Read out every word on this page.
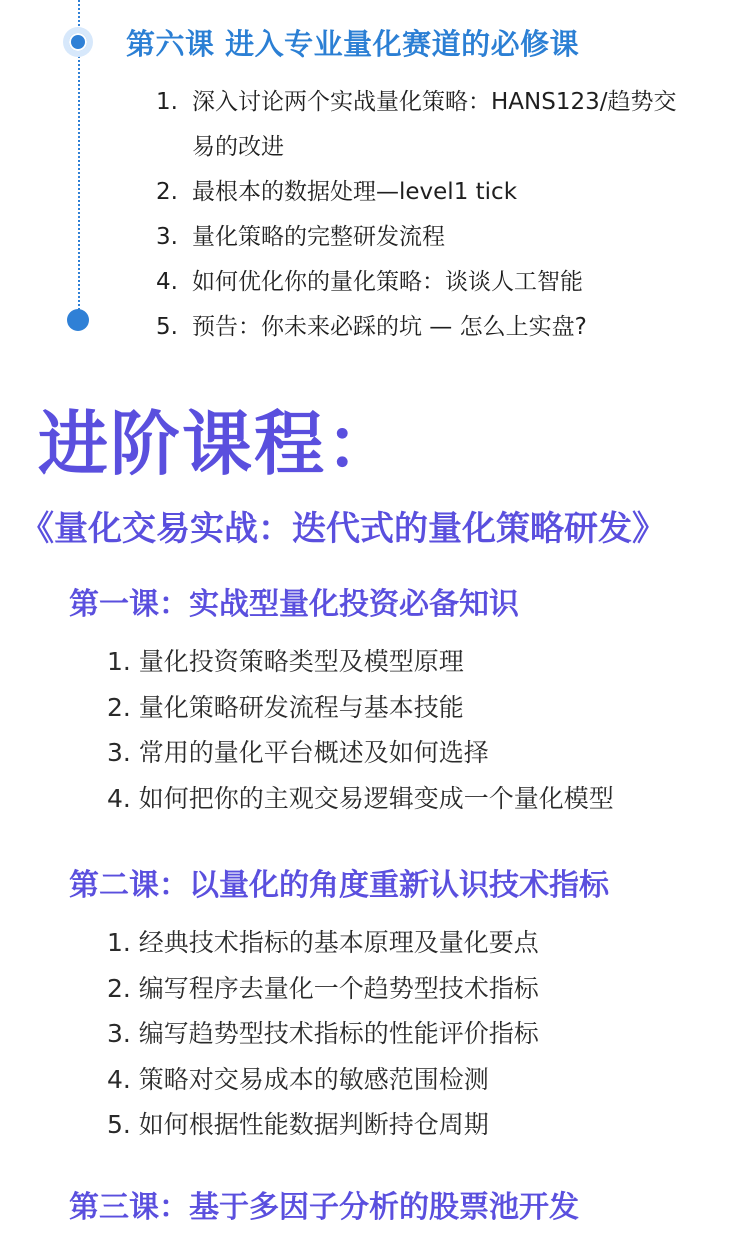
第六课 进入专业量化赛道的必修课
1. 深入讨论两个实战量化策略：HANS123/趋势交易的改进
2. 最根本的数据处理—level1 tick
3. 量化策略的完整研发流程
4. 如何优化你的量化策略：谈谈人工智能
5. 预告：你未来必踩的坑 — 怎么上实盘?
进阶课程：
《量化交易实战：迭代式的量化策略研发》
第一课：实战型量化投资必备知识
1. 量化投资策略类型及模型原理
2. 量化策略研发流程与基本技能
3. 常用的量化平台概述及如何选择
4. 如何把你的主观交易逻辑变成一个量化模型
第二课：以量化的角度重新认识技术指标
1. 经典技术指标的基本原理及量化要点
2. 编写程序去量化一个趋势型技术指标
3. 编写趋势型技术指标的性能评价指标
4. 策略对交易成本的敏感范围检测
5. 如何根据性能数据判断持仓周期
第三课：基于多因子分析的股票池开发
